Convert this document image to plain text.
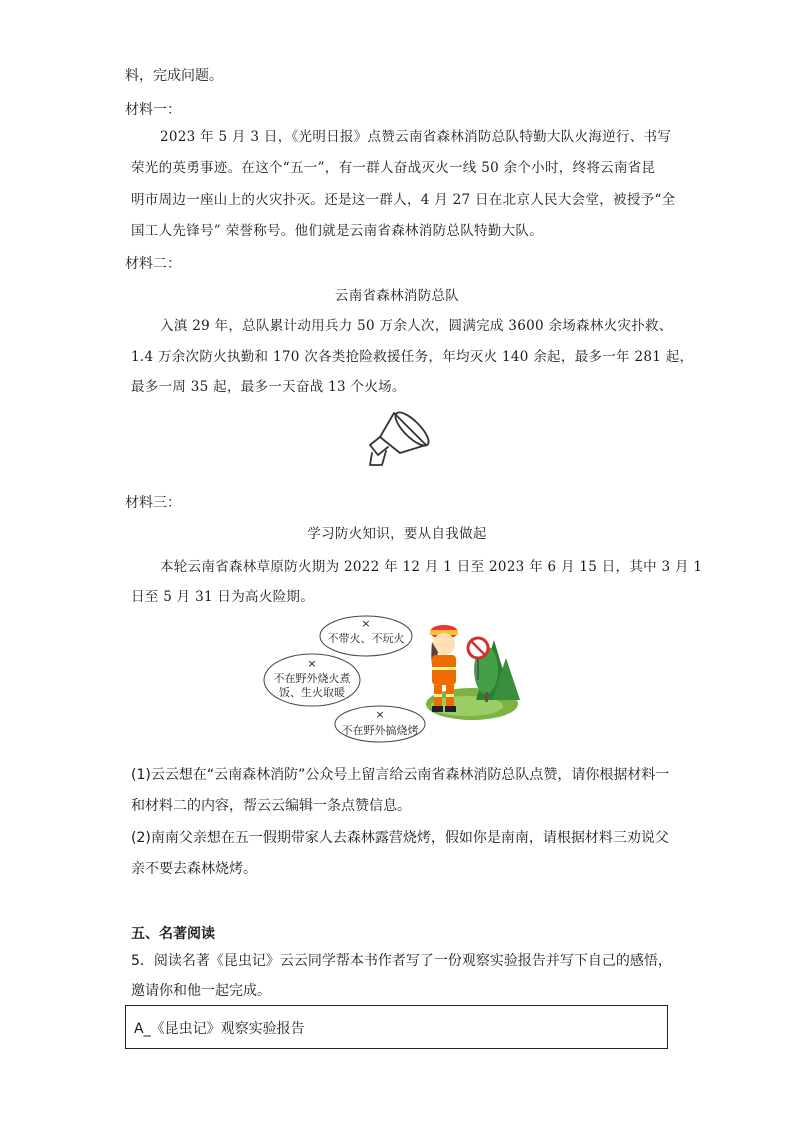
料，完成问题。
材料一：
2023 年 5 月 3 日，《光明日报》点赞云南省森林消防总队特勤大队火海逆行、书写
荣光的英勇事迹。在这个“五一”，有一群人奋战灭火一线 50 余个小时，终将云南省昆
明市周边一座山上的火灾扑灭。还是这一群人，4 月 27 日在北京人民大会堂，被授予“全
国工人先锋号” 荣誉称号。他们就是云南省森林消防总队特勤大队。
材料二：
云南省森林消防总队
入滇 29 年，总队累计动用兵力 50 万余人次，圆满完成 3600 余场森林火灾扑救、
1.4 万余次防火执勤和 170 次各类抢险救援任务，年均灭火 140 余起，最多一年 281 起，
最多一周 35 起，最多一天奋战 13 个火场。
材料三：
学习防火知识，要从自我做起
本轮云南省森林草原防火期为 2022 年 12 月 1 日至 2023 年 6 月 15 日，其中 3 月 1
日至 5 月 31 日为高火险期。
×
不带火、不玩火
×
不在野外烧火煮
饭、生火取暖
×
不在野外搞烧烤
(1)云云想在“云南森林消防”公众号上留言给云南省森林消防总队点赞，请你根据材料一
和材料二的内容，帮云云编辑一条点赞信息。
(2)南南父亲想在五一假期带家人去森林露营烧烤，假如你是南南，请根据材料三劝说父
亲不要去森林烧烤。
五、名著阅读
5．阅读名著《昆虫记》云云同学帮本书作者写了一份观察实验报告并写下自己的感悟，
邀请你和他一起完成。
A_《昆虫记》观察实验报告
